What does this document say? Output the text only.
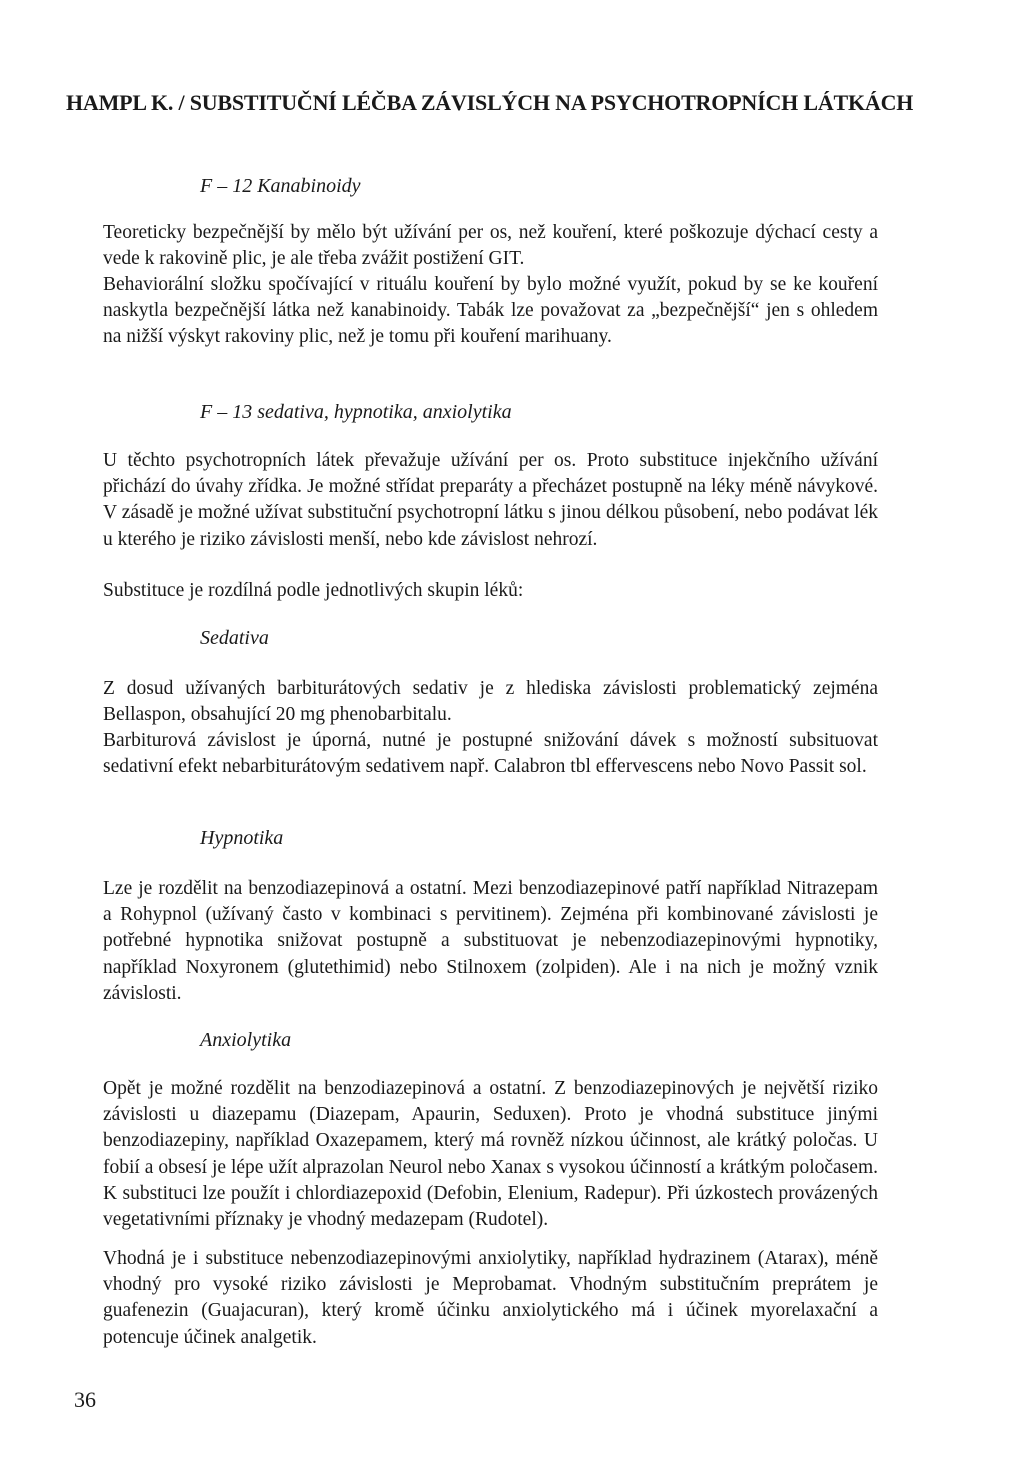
HAMPL K. / SUBSTITUČNÍ LÉČBA ZÁVISLÝCH NA PSYCHOTROPNÍCH LÁTKÁCH
F – 12 Kanabinoidy

Teoreticky bezpečnější by mělo být užívání per os, než kouření, které poškozuje dýchací cesty a vede k rakovině plic, je ale třeba zvážit postižení GIT.

Behaviorální složku spočívající v rituálu kouření by bylo možné využít, pokud by se ke kouření naskytla bezpečnější látka než kanabinoidy. Tabák lze považovat za „bezpečnější“ jen s ohledem na nižší výskyt rakoviny plic, než je tomu při kouření marihuany.

F – 13 sedativa, hypnotika, anxiolytika

U těchto psychotropních látek převažuje užívání per os. Proto substituce injekčního užívání přichází do úvahy zřídka. Je možné střídat preparáty a přecházet postupně na léky méně návykové. V zásadě je možné užívat substituční psychotropní látku s jinou délkou působení, nebo podávat lék u kterého je riziko závislosti menší, nebo kde závislost nehrozí.

Substituce je rozdílná podle jednotlivých skupin léků:

Sedativa

Z dosud užívaných barbiturátových sedativ je z hlediska závislosti problematický zejména Bellaspon, obsahující 20 mg phenobarbitalu.

Barbiturová závislost je úporná, nutné je postupné snižování dávek s možností subsituovat sedativní efekt nebarbiturátovým sedativem např. Calabron tbl effervescens nebo Novo Passit sol.

Hypnotika

Lze je rozdělit na benzodiazepinová a ostatní. Mezi benzodiazepinové patří například Nitrazepam a Rohypnol (užívaný často v kombinaci s pervitinem). Zejména při kombinované závislosti je potřebné hypnotika snižovat postupně a substituovat je nebenzodiazepinovými hypnotiky, například Noxyronem (glutethimid) nebo Stilnoxem (zolpiden). Ale i na nich je možný vznik závislosti.

Anxiolytika

Opět je možné rozdělit na benzodiazepinová a ostatní. Z benzodiazepinových je největší riziko závislosti u diazepamu (Diazepam, Apaurin, Seduxen). Proto je vhodná substituce jinými benzodiazepiny, například Oxazepamem, který má rovněž nízkou účinnost, ale krátký poločas. U fobií a obsesí je lépe užít alprazolan Neurol nebo Xanax s vysokou účinností a krátkým poločasem. K substituci lze použít i chlordiazepoxid (Defobin, Elenium, Radepur). Při úzkostech provázených vegetativními příznaky je vhodný medazepam (Rudotel).

Vhodná je i substituce nebenzodiazepinovými anxiolytiky, například hydrazinem (Atarax), méně vhodný pro vysoké riziko závislosti je Meprobamat. Vhodným substitučním preprátem je guafenezin (Guajacuran), který kromě účinku anxiolytického má i účinek myorelaxační a potencuje účinek analgetik.

36
